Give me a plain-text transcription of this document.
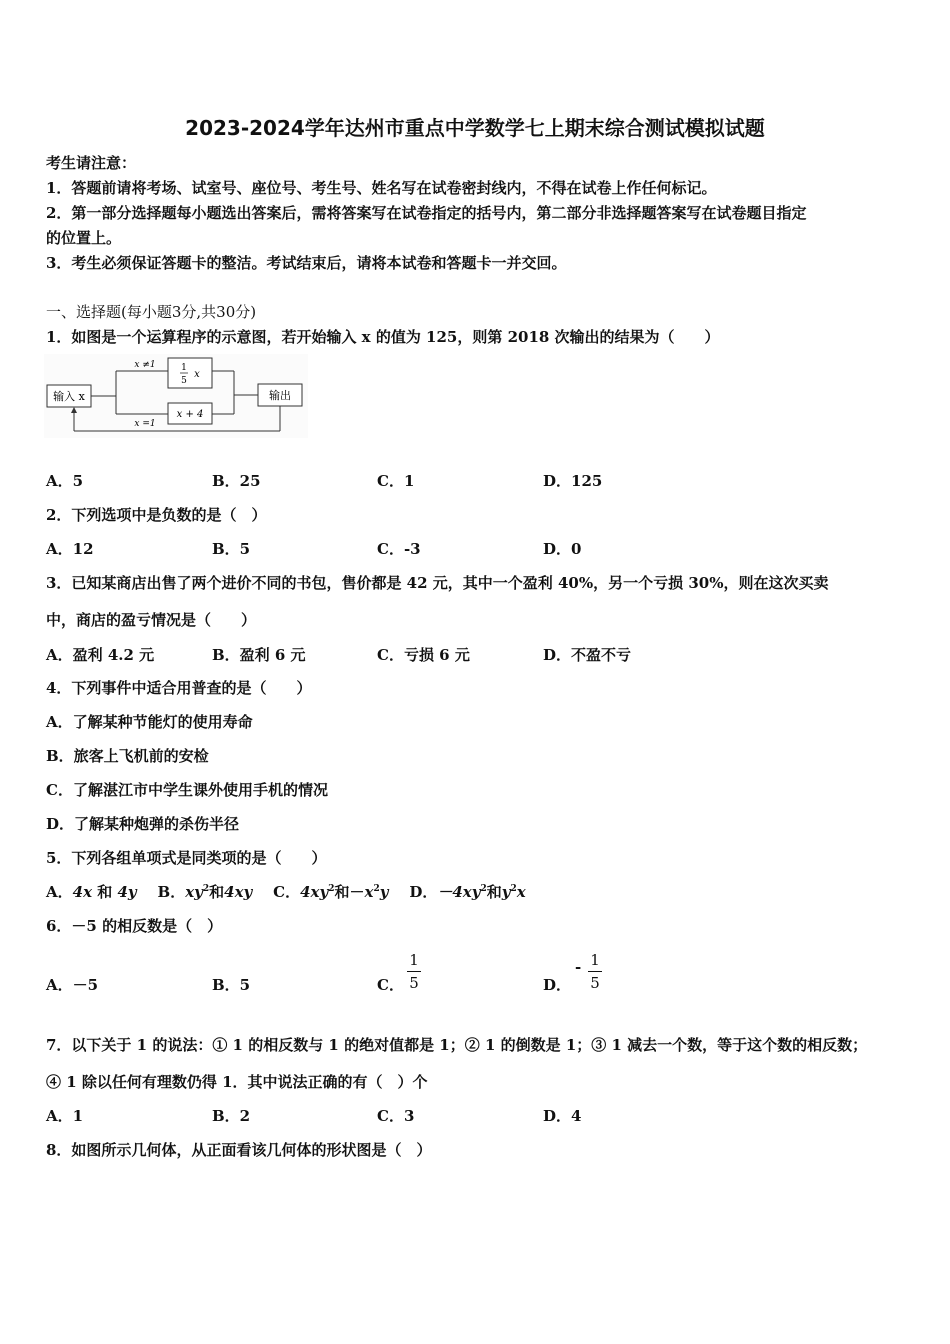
2023-2024学年达州市重点中学数学七上期末综合测试模拟试题
考生请注意：
1．答题前请将考场、试室号、座位号、考生号、姓名写在试卷密封线内，不得在试卷上作任何标记。
2．第一部分选择题每小题选出答案后，需将答案写在试卷指定的括号内，第二部分非选择题答案写在试卷题目指定
的位置上。
3．考生必须保证答题卡的整洁。考试结束后，请将本试卷和答题卡一并交回。
一、选择题(每小题3分,共30分)
1．如图是一个运算程序的示意图，若开始输入 x 的值为 125，则第 2018 次输出的结果为（　　）
输入 x	输出
1
5
x
x + 4
x ≠1
x =1
A．5	B．25	C．1	D．125
2．下列选项中是负数的是（　）
A．12	B．5	C．-3	D．0
3．已知某商店出售了两个进价不同的书包，售价都是 42 元，其中一个盈利 40%，另一个亏损 30%，则在这次买卖
中，商店的盈亏情况是（　　）
A．盈利 4.2 元	B．盈利 6 元	C．亏损 6 元	D．不盈不亏
4．下列事件中适合用普查的是（　　）
A．了解某种节能灯的使用寿命
B．旅客上飞机前的安检
C．了解湛江市中学生课外使用手机的情况
D．了解某种炮弹的杀伤半径
5．下列各组单项式是同类项的是（　　）
A．4x 和 4y B．$xy^2$和4xy C．$4xy^2$和$-x^2y$ D．$-4xy^2$和$y^2x$
6．－5 的相反数是（　）
A．－5	B．5	C．
1
5	D．
- 1
5
7．以下关于 1 的说法：① 1 的相反数与 1 的绝对值都是 1；② 1 的倒数是 1；③ 1 减去一个数，等于这个数的相反数；
④ 1 除以任何有理数仍得 1．其中说法正确的有（　）个
A．1	B．2	C．3	D．4
8．如图所示几何体，从正面看该几何体的形状图是（　）
